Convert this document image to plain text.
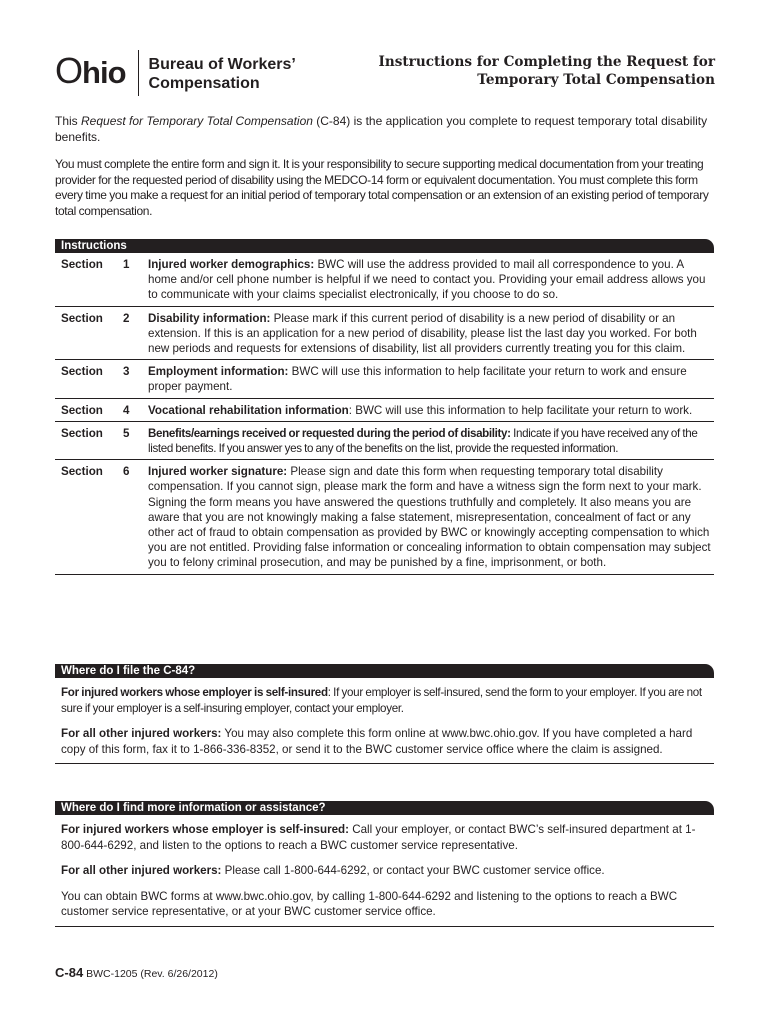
Ohio Bureau of Workers’
Compensation
Instructions for Completing the Request for
Temporary Total Compensation

This Request for Temporary Total Compensation (C-84) is the application you complete to request temporary total disability benefits.

You must complete the entire form and sign it. It is your responsibility to secure supporting medical documentation from your treating provider for the requested period of disability using the MEDCO-14 form or equivalent documentation. You must complete this form every time you make a request for an initial period of temporary total compensation or an extension of an existing period of temporary total compensation.

Instructions
Section	1	Injured worker demographics: BWC will use the address provided to mail all correspondence to you. A home and/or cell phone number is helpful if we need to contact you. Providing your email address allows you to communicate with your claims specialist electronically, if you choose to do so.
Section	2	Disability information: Please mark if this current period of disability is a new period of disability or an extension. If this is an application for a new period of disability, please list the last day you worked. For both new periods and requests for extensions of disability, list all providers currently treating you for this claim.
Section	3	Employment information: BWC will use this information to help facilitate your return to work and ensure proper payment.
Section	4	Vocational rehabilitation information: BWC will use this information to help facilitate your return to work.
Section	5	Benefits/earnings received or requested during the period of disability: Indicate if you have received any of the listed benefits. If you answer yes to any of the benefits on the list, provide the requested information.
Section	6	Injured worker signature: Please sign and date this form when requesting temporary total disability compensation. If you cannot sign, please mark the form and have a witness sign the form next to your mark. Signing the form means you have answered the questions truthfully and completely. It also means you are aware that you are not knowingly making a false statement, misrepresentation, concealment of fact or any other act of fraud to obtain compensation as provided by BWC or knowingly accepting compensation to which you are not entitled. Providing false information or concealing information to obtain compensation may subject you to felony criminal prosecution, and may be punished by a fine, imprisonment, or both.
Where do I file the C-84?

For injured workers whose employer is self-insured: If your employer is self-insured, send the form to your employer. If you are not sure if your employer is a self-insuring employer, contact your employer.

For all other injured workers: You may also complete this form online at www.bwc.ohio.gov. If you have completed a hard copy of this form, fax it to 1-866-336-8352, or send it to the BWC customer service office where the claim is assigned.

Where do I find more information or assistance?

For injured workers whose employer is self-insured: Call your employer, or contact BWC’s self-insured department at 1-800-644-6292, and listen to the options to reach a BWC customer service representative.

For all other injured workers: Please call 1-800-644-6292, or contact your BWC customer service office.

You can obtain BWC forms at www.bwc.ohio.gov, by calling 1-800-644-6292 and listening to the options to reach a BWC customer service representative, or at your BWC customer service office.

C-84 BWC-1205 (Rev. 6/26/2012)
